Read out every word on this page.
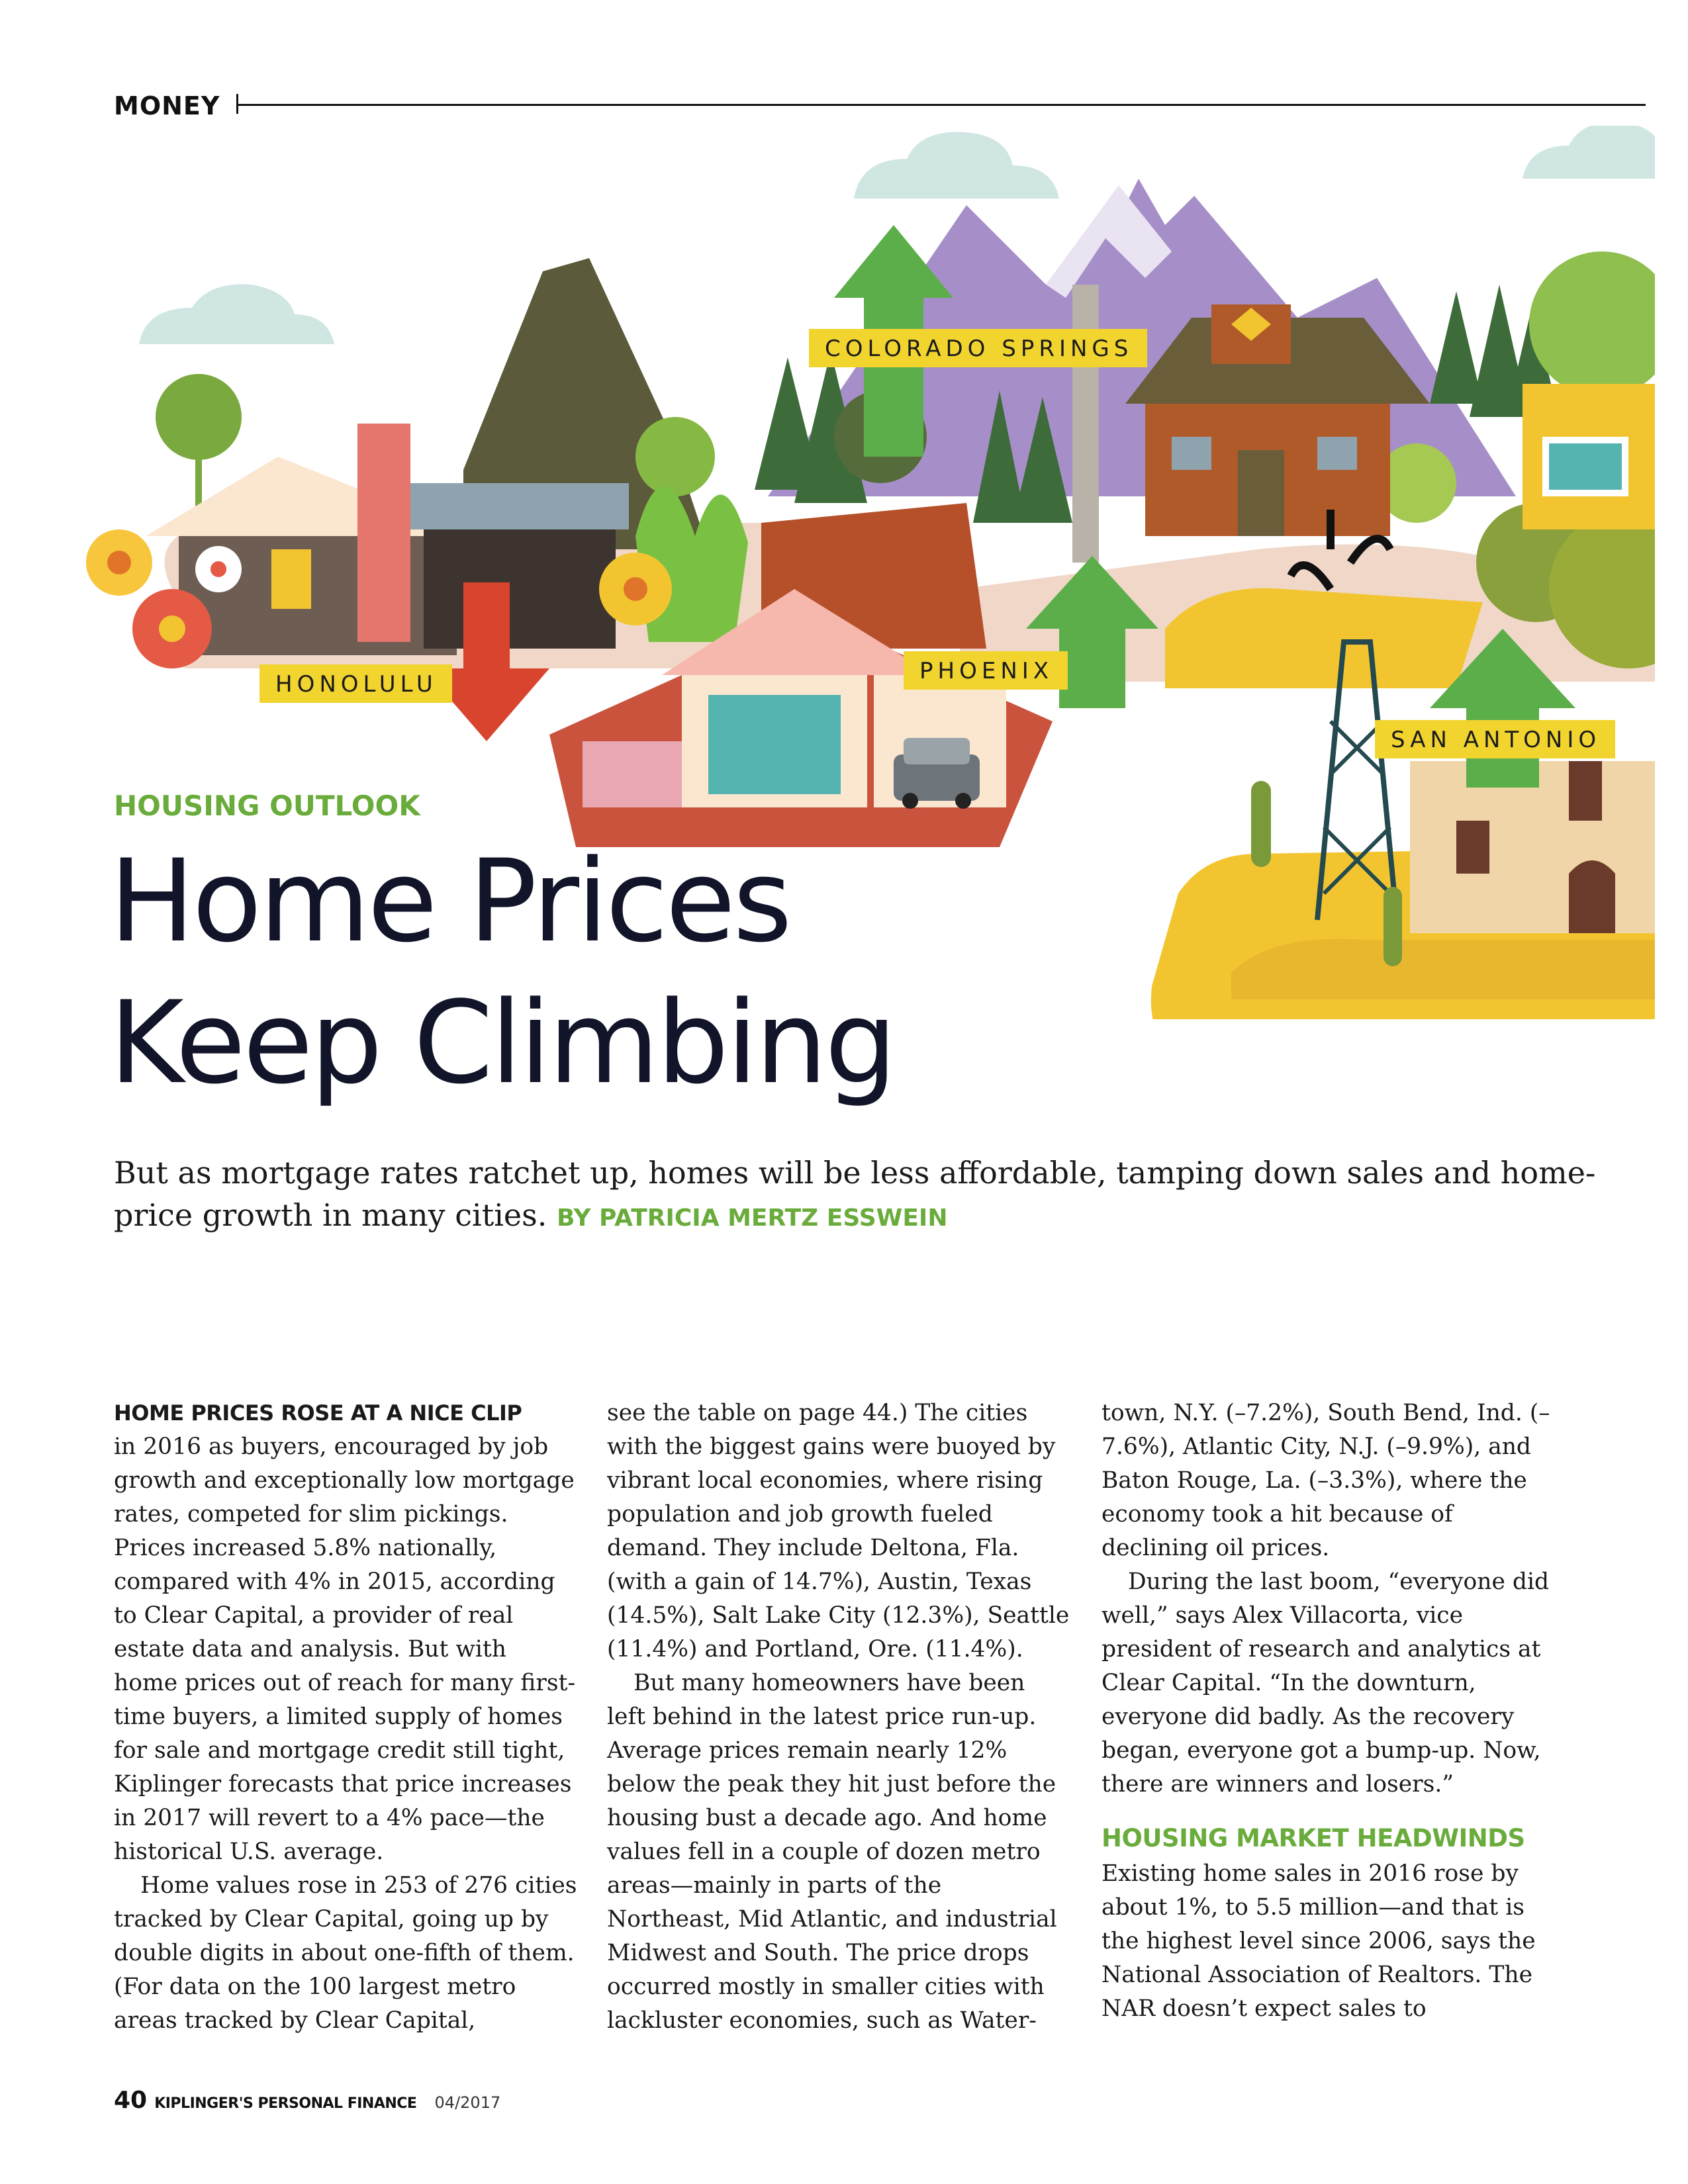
MONEY
COLORADO SPRINGS
HONOLULU	PHOENIX
SAN ANTONIO
HOUSING OUTLOOK
Home Prices
Keep Climbing

But as mortgage rates ratchet up, homes will be less affordable, tamping down sales and home-price growth in many cities. BY PATRICIA MERTZ ESSWEIN

HOME PRICES ROSE AT A NICE CLIP
in 2016 as buyers, encouraged by job growth and exceptionally low mortgage rates, competed for slim pickings. Prices increased 5.8% nationally, compared with 4% in 2015, according to Clear Capital, a provider of real estate data and analysis. But with home prices out of reach for many first-time buyers, a limited supply of homes for sale and mortgage credit still tight, Kiplinger forecasts that price increases in 2017 will revert to a 4% pace—the historical U.S. average.

Home values rose in 253 of 276 cities tracked by Clear Capital, going up by double digits in about one-fifth of them. (For data on the 100 largest metro areas tracked by Clear Capital,

see the table on page 44.) The cities with the biggest gains were buoyed by vibrant local economies, where rising population and job growth fueled demand. They include Deltona, Fla. (with a gain of 14.7%), Austin, Texas (14.5%), Salt Lake City (12.3%), Seattle (11.4%) and Portland, Ore. (11.4%).

But many homeowners have been left behind in the latest price run-up. Average prices remain nearly 12% below the peak they hit just before the housing bust a decade ago. And home values fell in a couple of dozen metro areas—mainly in parts of the Northeast, Mid Atlantic, and industrial Midwest and South. The price drops occurred mostly in smaller cities with lackluster economies, such as Water-

town, N.Y. (–7.2%), South Bend, Ind. (–7.6%), Atlantic City, N.J. (–9.9%), and Baton Rouge, La. (–3.3%), where the economy took a hit because of declining oil prices.

During the last boom, “everyone did well,” says Alex Villacorta, vice president of research and analytics at Clear Capital. “In the downturn, everyone did badly. As the recovery began, everyone got a bump-up. Now, there are winners and losers.”

HOUSING MARKET HEADWINDS

Existing home sales in 2016 rose by about 1%, to 5.5 million—and that is the highest level since 2006, says the National Association of Realtors. The NAR doesn’t expect sales to

40 KIPLINGER'S PERSONAL FINANCE 04/2017
